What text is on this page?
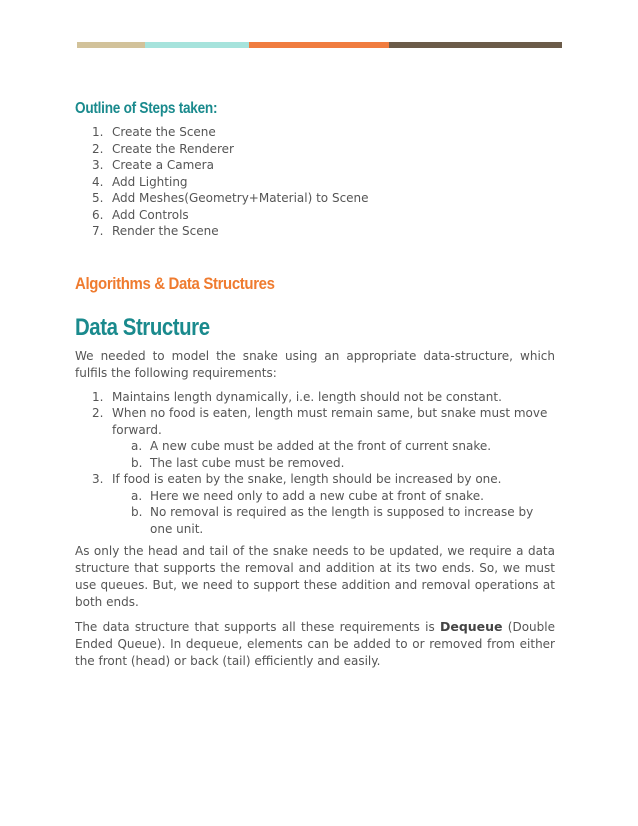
Outline of Steps taken:
1. Create the Scene
2. Create the Renderer
3. Create a Camera
4. Add Lighting
5. Add Meshes(Geometry+Material) to Scene
6. Add Controls
7. Render the Scene
Algorithms & Data Structures
Data Structure

We needed to model the snake using an appropriate data-structure, which fulfils the following requirements:

1. Maintains length dynamically, i.e. length should not be constant.
2. When no food is eaten, length must remain same, but snake must move forward.
a. A new cube must be added at the front of current snake.
b. The last cube must be removed.
3. If food is eaten by the snake, length should be increased by one.
a. Here we need only to add a new cube at front of snake.
b. No removal is required as the length is supposed to increase by one unit.

As only the head and tail of the snake needs to be updated, we require a data structure that supports the removal and addition at its two ends. So, we must use queues. But, we need to support these addition and removal operations at both ends.

The data structure that supports all these requirements is Dequeue (Double Ended Queue). In dequeue, elements can be added to or removed from either the front (head) or back (tail) efficiently and easily.
